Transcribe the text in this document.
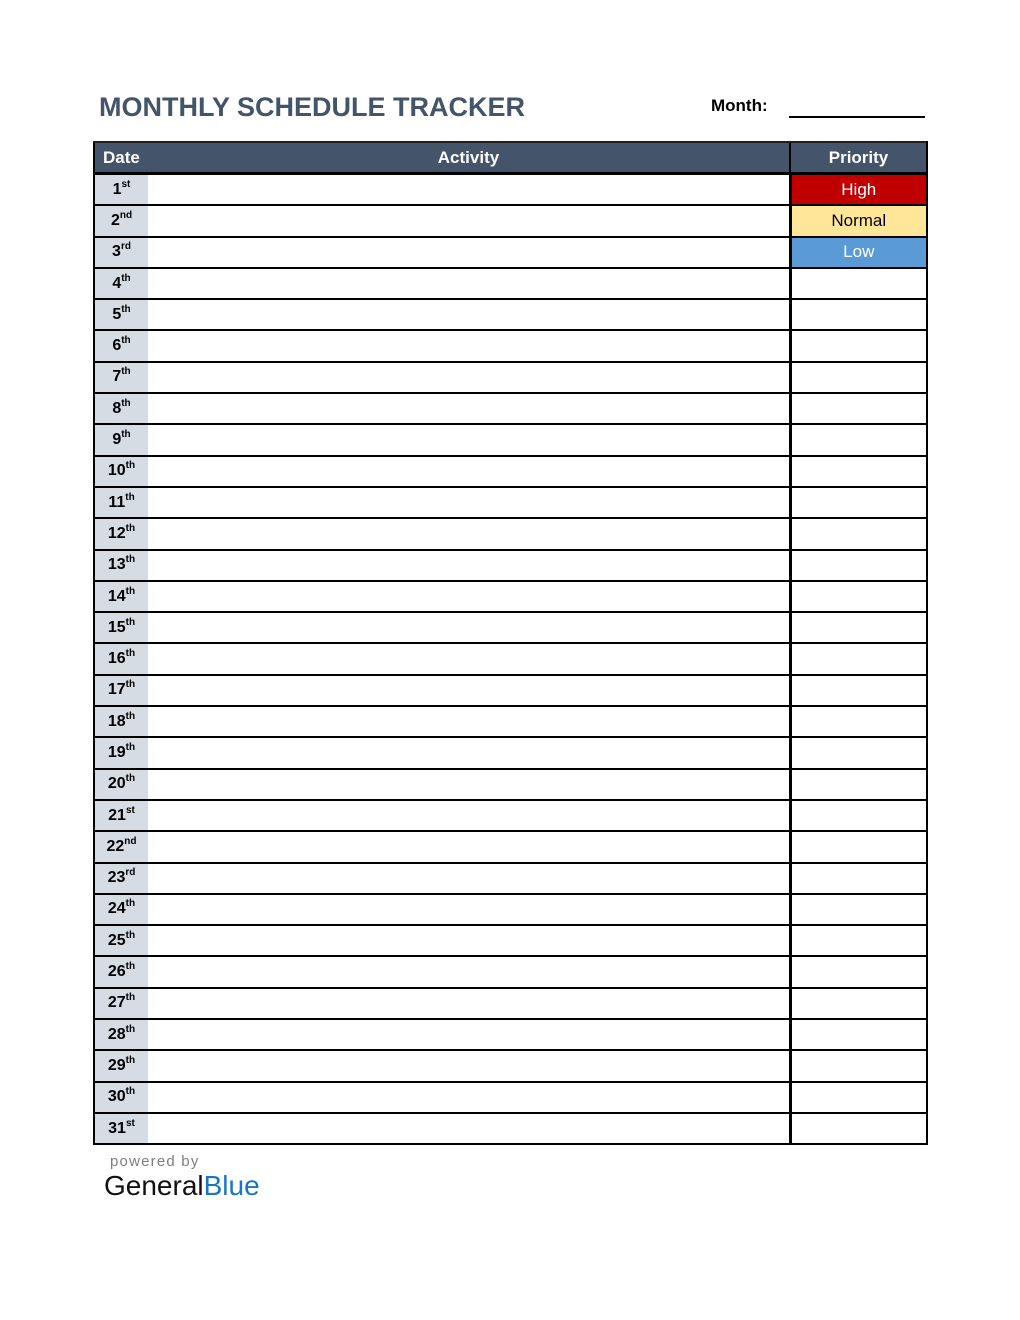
MONTHLY SCHEDULE TRACKER	Month:
Date	Activity	Priority
1st		High
2nd		Normal
3rd		Low
4th		
5th		
6th		
7th		
8th		
9th		
10th		
11th		
12th		
13th		
14th		
15th		
16th		
17th		
18th		
19th		
20th		
21st		
22nd		
23rd		
24th		
25th		
26th		
27th		
28th		
29th		
30th		
31st		
powered by
GeneralBlue
